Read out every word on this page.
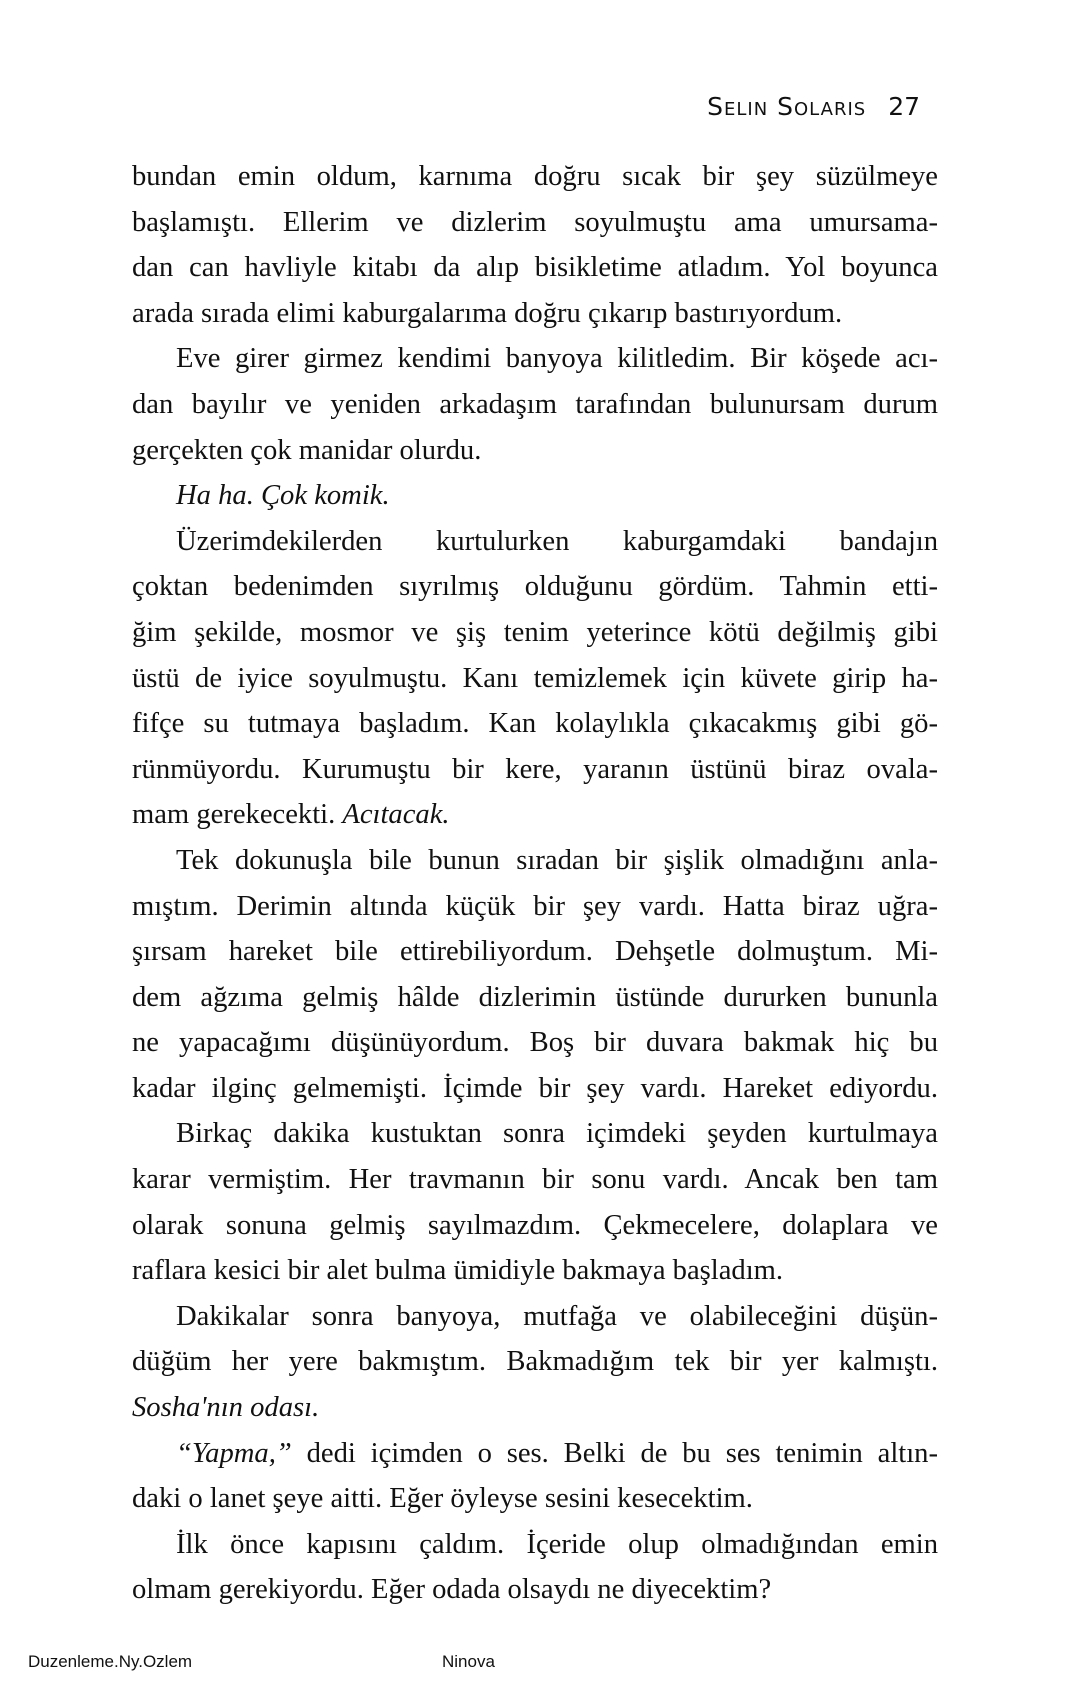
Selin Solaris 27
bundan emin oldum, karnıma doğru sıcak bir şey süzülmeye
başlamıştı. Ellerim ve dizlerim soyulmuştu ama umursama-
dan can havliyle kitabı da alıp bisikletime atladım. Yol boyunca
arada sırada elimi kaburgalarıma doğru çıkarıp bastırıyordum.
Eve girer girmez kendimi banyoya kilitledim. Bir köşede acı-
dan bayılır ve yeniden arkadaşım tarafından bulunursam durum
gerçekten çok manidar olurdu.
Ha ha. Çok komik.
Üzerimdekilerden kurtulurken kaburgamdaki bandajın
çoktan bedenimden sıyrılmış olduğunu gördüm. Tahmin etti-
ğim şekilde, mosmor ve şiş tenim yeterince kötü değilmiş gibi
üstü de iyice soyulmuştu. Kanı temizlemek için küvete girip ha-
fifçe su tutmaya başladım. Kan kolaylıkla çıkacakmış gibi gö-
rünmüyordu. Kurumuştu bir kere, yaranın üstünü biraz ovala-
mam gerekecekti. Acıtacak.
Tek dokunuşla bile bunun sıradan bir şişlik olmadığını anla-
mıştım. Derimin altında küçük bir şey vardı. Hatta biraz uğra-
şırsam hareket bile ettirebiliyordum. Dehşetle dolmuştum. Mi-
dem ağzıma gelmiş hâlde dizlerimin üstünde dururken bununla
ne yapacağımı düşünüyordum. Boş bir duvara bakmak hiç bu
kadar ilginç gelmemişti. İçimde bir şey vardı. Hareket ediyordu.
Birkaç dakika kustuktan sonra içimdeki şeyden kurtulmaya
karar vermiştim. Her travmanın bir sonu vardı. Ancak ben tam
olarak sonuna gelmiş sayılmazdım. Çekmecelere, dolaplara ve
raflara kesici bir alet bulma ümidiyle bakmaya başladım.
Dakikalar sonra banyoya, mutfağa ve olabileceğini düşün-
düğüm her yere bakmıştım. Bakmadığım tek bir yer kalmıştı.
Sosha'nın odası.
“Yapma,” dedi içimden o ses. Belki de bu ses tenimin altın-
daki o lanet şeye aitti. Eğer öyleyse sesini kesecektim.
İlk önce kapısını çaldım. İçeride olup olmadığından emin
olmam gerekiyordu. Eğer odada olsaydı ne diyecektim?
Duzenleme.Ny.Ozlem	Ninova
